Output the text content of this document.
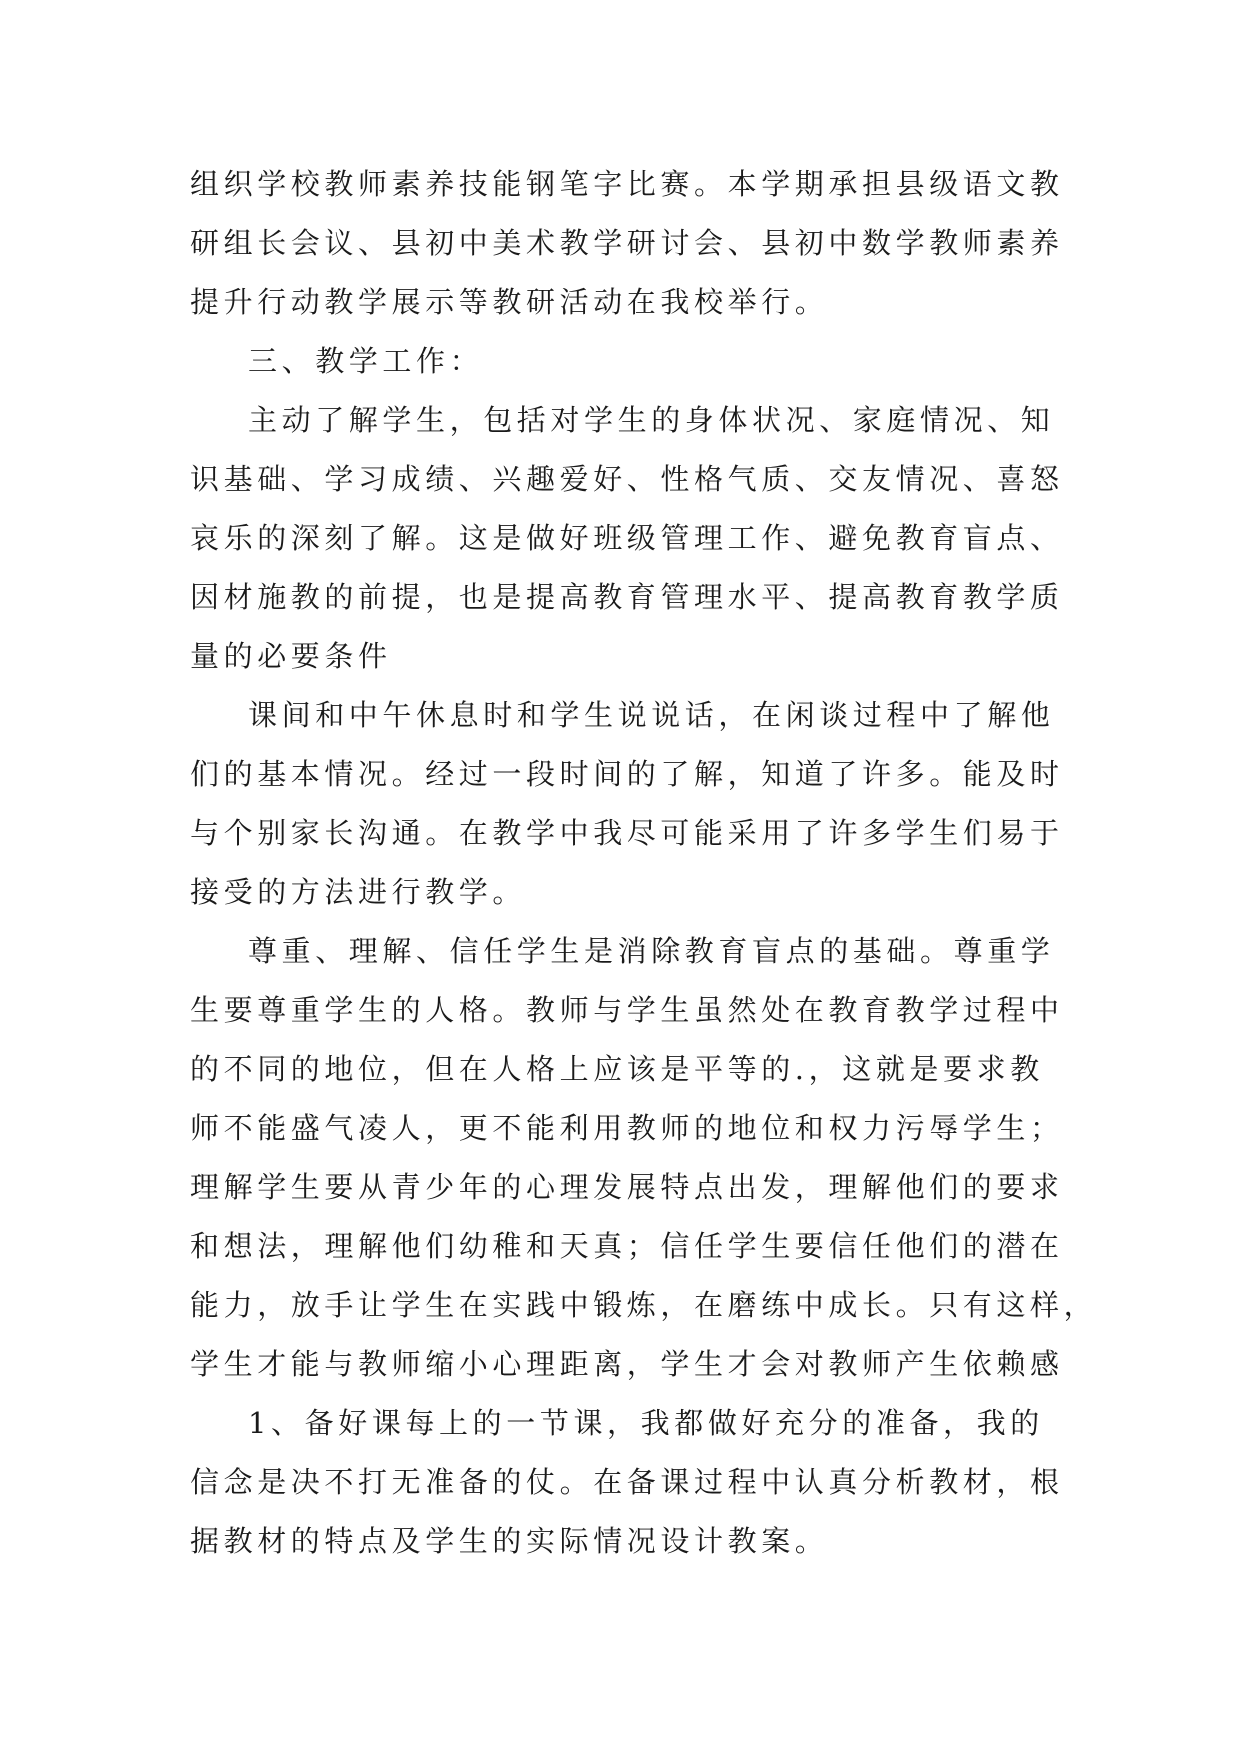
组织学校教师素养技能钢笔字比赛。本学期承担县级语文教
研组长会议、县初中美术教学研讨会、县初中数学教师素养
提升行动教学展示等教研活动在我校举行。

三、教学工作：

主动了解学生，包括对学生的身体状况、家庭情况、知
识基础、学习成绩、兴趣爱好、性格气质、交友情况、喜怒
哀乐的深刻了解。这是做好班级管理工作、避免教育盲点、
因材施教的前提，也是提高教育管理水平、提高教育教学质
量的必要条件

课间和中午休息时和学生说说话，在闲谈过程中了解他
们的基本情况。经过一段时间的了解，知道了许多。能及时
与个别家长沟通。在教学中我尽可能采用了许多学生们易于
接受的方法进行教学。

尊重、理解、信任学生是消除教育盲点的基础。尊重学
生要尊重学生的人格。教师与学生虽然处在教育教学过程中
的不同的地位，但在人格上应该是平等的.，这就是要求教
师不能盛气凌人，更不能利用教师的地位和权力污辱学生；
理解学生要从青少年的心理发展特点出发，理解他们的要求
和想法，理解他们幼稚和天真；信任学生要信任他们的潜在
能力，放手让学生在实践中锻炼，在磨练中成长。只有这样，
学生才能与教师缩小心理距离，学生才会对教师产生依赖感

1、备好课每上的一节课，我都做好充分的准备，我的
信念是决不打无准备的仗。在备课过程中认真分析教材，根
据教材的特点及学生的实际情况设计教案。
